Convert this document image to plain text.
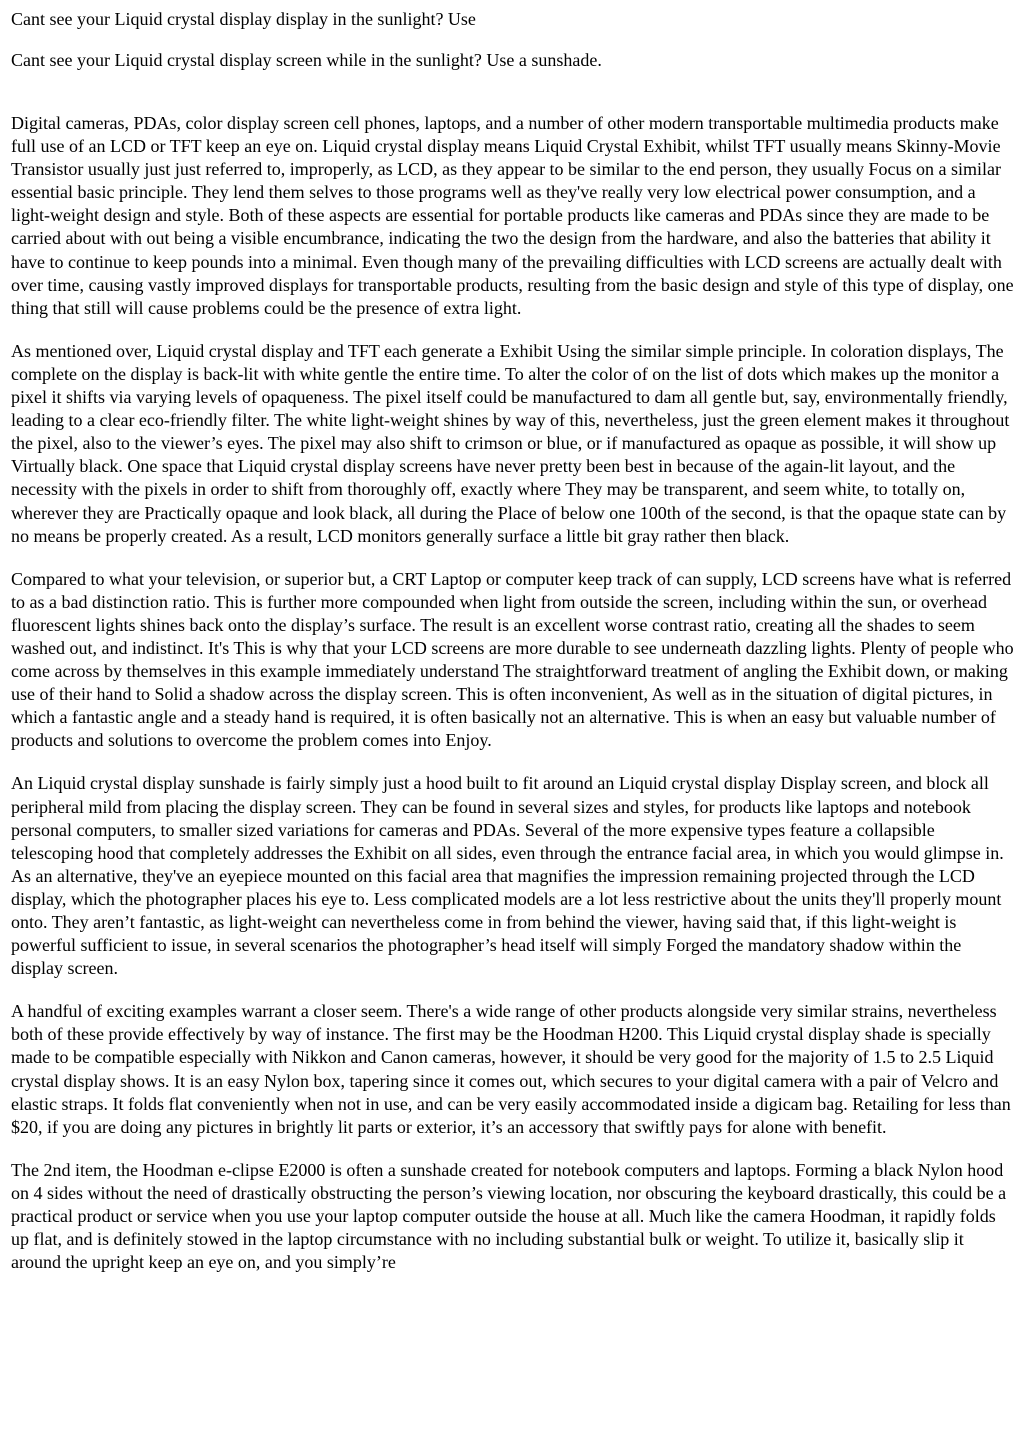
Cant see your Liquid crystal display display in the sunlight? Use
Cant see your Liquid crystal display screen while in the sunlight? Use a sunshade.

Digital cameras, PDAs, color display screen cell phones, laptops, and a number of other modern transportable multimedia products make full use of an LCD or TFT keep an eye on. Liquid crystal display means Liquid Crystal Exhibit, whilst TFT usually means Skinny-Movie Transistor usually just just referred to, improperly, as LCD, as they appear to be similar to the end person, they usually Focus on a similar essential basic principle. They lend them selves to those programs well as they've really very low electrical power consumption, and a light-weight design and style. Both of these aspects are essential for portable products like cameras and PDAs since they are made to be carried about with out being a visible encumbrance, indicating the two the design from the hardware, and also the batteries that ability it have to continue to keep pounds into a minimal. Even though many of the prevailing difficulties with LCD screens are actually dealt with over time, causing vastly improved displays for transportable products, resulting from the basic design and style of this type of display, one thing that still will cause problems could be the presence of extra light.

As mentioned over, Liquid crystal display and TFT each generate a Exhibit Using the similar simple principle. In coloration displays, The complete on the display is back-lit with white gentle the entire time. To alter the color of on the list of dots which makes up the monitor a pixel it shifts via varying levels of opaqueness. The pixel itself could be manufactured to dam all gentle but, say, environmentally friendly, leading to a clear eco-friendly filter. The white light-weight shines by way of this, nevertheless, just the green element makes it throughout the pixel, also to the viewer’s eyes. The pixel may also shift to crimson or blue, or if manufactured as opaque as possible, it will show up Virtually black. One space that Liquid crystal display screens have never pretty been best in because of the again-lit layout, and the necessity with the pixels in order to shift from thoroughly off, exactly where They may be transparent, and seem white, to totally on, wherever they are Practically opaque and look black, all during the Place of below one 100th of the second, is that the opaque state can by no means be properly created. As a result, LCD monitors generally surface a little bit gray rather then black.

Compared to what your television, or superior but, a CRT Laptop or computer keep track of can supply, LCD screens have what is referred to as a bad distinction ratio. This is further more compounded when light from outside the screen, including within the sun, or overhead fluorescent lights shines back onto the display’s surface. The result is an excellent worse contrast ratio, creating all the shades to seem washed out, and indistinct. It's This is why that your LCD screens are more durable to see underneath dazzling lights. Plenty of people who come across by themselves in this example immediately understand The straightforward treatment of angling the Exhibit down, or making use of their hand to Solid a shadow across the display screen. This is often inconvenient, As well as in the situation of digital pictures, in which a fantastic angle and a steady hand is required, it is often basically not an alternative. This is when an easy but valuable number of products and solutions to overcome the problem comes into Enjoy.

An Liquid crystal display sunshade is fairly simply just a hood built to fit around an Liquid crystal display Display screen, and block all peripheral mild from placing the display screen. They can be found in several sizes and styles, for products like laptops and notebook personal computers, to smaller sized variations for cameras and PDAs. Several of the more expensive types feature a collapsible telescoping hood that completely addresses the Exhibit on all sides, even through the entrance facial area, in which you would glimpse in. As an alternative, they've an eyepiece mounted on this facial area that magnifies the impression remaining projected through the LCD display, which the photographer places his eye to. Less complicated models are a lot less restrictive about the units they'll properly mount onto. They aren’t fantastic, as light-weight can nevertheless come in from behind the viewer, having said that, if this light-weight is powerful sufficient to issue, in several scenarios the photographer’s head itself will simply Forged the mandatory shadow within the display screen.

A handful of exciting examples warrant a closer seem. There's a wide range of other products alongside very similar strains, nevertheless both of these provide effectively by way of instance. The first may be the Hoodman H200. This Liquid crystal display shade is specially made to be compatible especially with Nikkon and Canon cameras, however, it should be very good for the majority of 1.5 to 2.5 Liquid crystal display shows. It is an easy Nylon box, tapering since it comes out, which secures to your digital camera with a pair of Velcro and elastic straps. It folds flat conveniently when not in use, and can be very easily accommodated inside a digicam bag. Retailing for less than $20, if you are doing any pictures in brightly lit parts or exterior, it’s an accessory that swiftly pays for alone with benefit.

The 2nd item, the Hoodman e-clipse E2000 is often a sunshade created for notebook computers and laptops. Forming a black Nylon hood on 4 sides without the need of drastically obstructing the person’s viewing location, nor obscuring the keyboard drastically, this could be a practical product or service when you use your laptop computer outside the house at all. Much like the camera Hoodman, it rapidly folds up flat, and is definitely stowed in the laptop circumstance with no including substantial bulk or weight. To utilize it, basically slip it around the upright keep an eye on, and you simply’re
